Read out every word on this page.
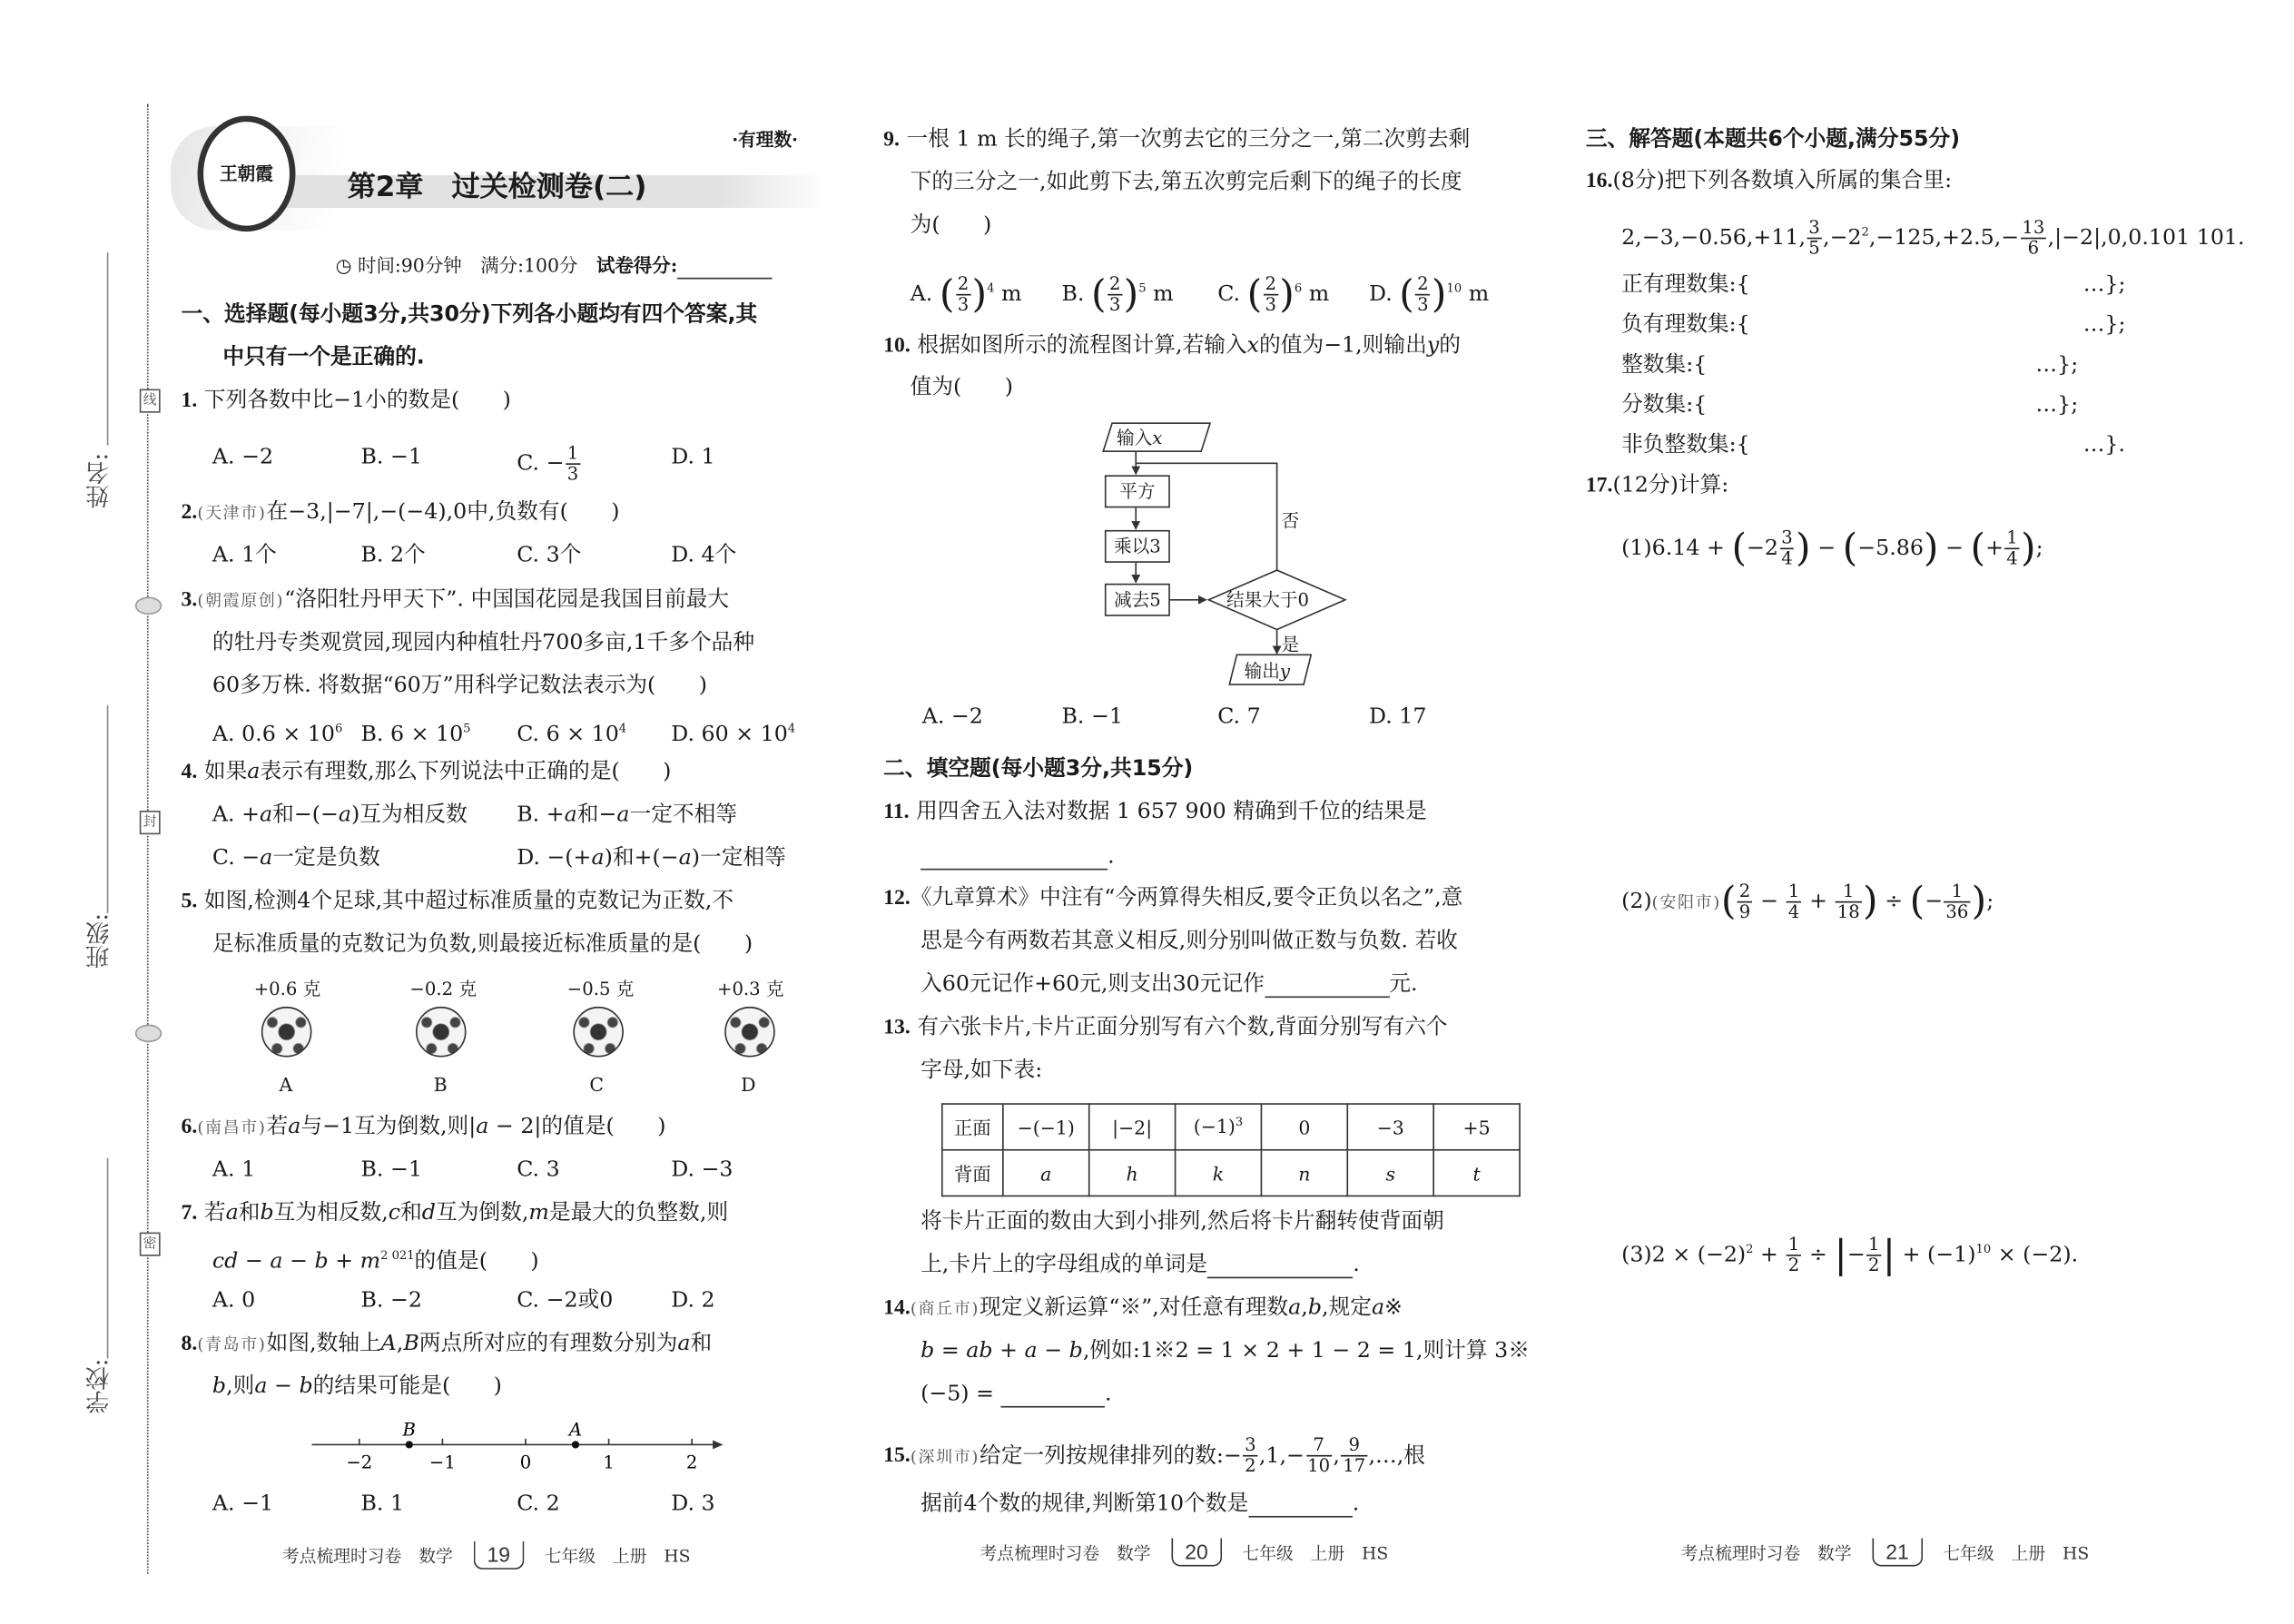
姓名:
班级:
学校:
线
封
密
王朝霞	第2章　过关检测卷(二)
·有理数·
◷ 时间:90分钟　 满分:100分　 试卷得分:
一、选择题(每小题3分,共30分)下列各小题均有四个答案,其
中只有一个是正确的.
1. 下列各数中比−1小的数是(　　)
A. −2	B. −1	C. − $\frac{1}{3}$	D. 1
2.(天津市)在−3,|−7|,−(−4),0中,负数有(　　)
A. 1个	B. 2个	C. 3个	D. 4个
3.(朝霞原创)“洛阳牡丹甲天下”. 中国国花园是我国目前最大
的牡丹专类观赏园,现园内种植牡丹700多亩,1千多个品种
60多万株. 将数据“60万”用科学记数法表示为(　　)
A. $0.6 \times 10^6$ B. $6 \times 10^5$	C. $6 \times 10^4$	D. $60 \times 10^4$
4. 如果a表示有理数,那么下列说法中正确的是(　　)
A. +a和−(−a)互为相反数	B. +a和−a一定不相等
C. −a一定是负数	D. −(+a)和+(−a)一定相等
5. 如图,检测4个足球,其中超过标准质量的克数记为正数,不
足标准质量的克数记为负数,则最接近标准质量的是(　　)
+0.6 克	−0.2 克	−0.5 克	+0.3 克
A	B	C	D
6.(南昌市)若a与−1互为倒数,则|a − 2|的值是(　　)
A. 1	B. −1	C. 3	D. −3
7. 若a和b互为相反数,c和d互为倒数,m是最大的负整数,则
cd − $a - b + m^{2 021}$的值是(　　)
A. 0	B. −2	C. −2或0	D. 2
8.(青岛市)如图,数轴上A,B两点所对应的有理数分别为a和
b,则a − b的结果可能是(　　)
−2	−1	0	1	2
B	A
A. −1	B. 1	C. 2	D. 3
考点梳理时习卷　数学	19	七年级　上册　HS
9. 一根 1 m 长的绳子,第一次剪去它的三分之一,第二次剪去剩
下的三分之一,如此剪下去,第五次剪完后剩下的绳子的长度
为(　　)
A. ( $\frac{2}{3} )^4$ m	B. ( $\frac{2}{3} )^5$ m	C. ( $\frac{2}{3} )^6$ m	D. ( $\frac{2}{3} )^{10}$ m
10. 根据如图所示的流程图计算,若输入x的值为−1,则输出y的
值为(　　)
输入x
平方
乘以3
减去5	结果大于0
否
是
输出y
A. −2	B. −1	C. 7	D. 17
二、填空题(每小题3分,共15分)
11. 用四舍五入法对数据 1 657 900 精确到千位的结果是
.
12.《九章算术》中注有“今两算得失相反,要令正负以名之”,意
思是今有两数若其意义相反,则分别叫做正数与负数. 若收
入60元记作+60元,则支出30元记作	元.
13. 有六张卡片,卡片正面分别写有六个数,背面分别写有六个
字母,如下表:
正面	−(−1)	|−2|	$(-1)^3$	0	−3	+5
背面	a	h	k	n	s	t
将卡片正面的数由大到小排列,然后将卡片翻转使背面朝
上,卡片上的字母组成的单词是	.
14.(商丘市)现定义新运算“※”,对任意有理数a,b,规定a※
b = ab + a − b,例如:1※2 = 1 × 2 + 1 − 2 = 1,则计算 3※
(−5) =	.
15.(深圳市)给定一列按规律排列的数:− $\frac{3}{2} ,1,- \frac{7}{10}$ , $\frac{9}{17}$ ,…,根
据前4个数的规律,判断第10个数是	.
考点梳理时习卷　数学	20	七年级　上册　HS
三、解答题(本题共6个小题,满分55分)
16.(8分)把下列各数填入所属的集合里:
2,−3,−0.56,+11, $\frac{3}{5} ,-2^2,-125,+2.5,- \frac{13}{6} ,|-2|,0,0.101$ 101.
正有理数集:{	…};
负有理数集:{	…};
整数集:{	…};
分数集:{	…};
非负整数集:{	…}.
17.(12分)计算:
$(1)6.14 + (-2 \frac{3}{4}$ ) − (−5.86) − (+ $\frac{1}{4}$ );
(2)(安阳市)( $\frac{2}{9} - \frac{1}{4} + \frac{1}{18}$ ) ÷ (− $\frac{1}{36}$ );
$(3)2 \times (-2)^2 + \frac{1}{2}$ ÷ |− $\frac{1}{2}$ | + $(-1)^{10} \times (-2)$.
考点梳理时习卷　数学	21	七年级　上册　HS
